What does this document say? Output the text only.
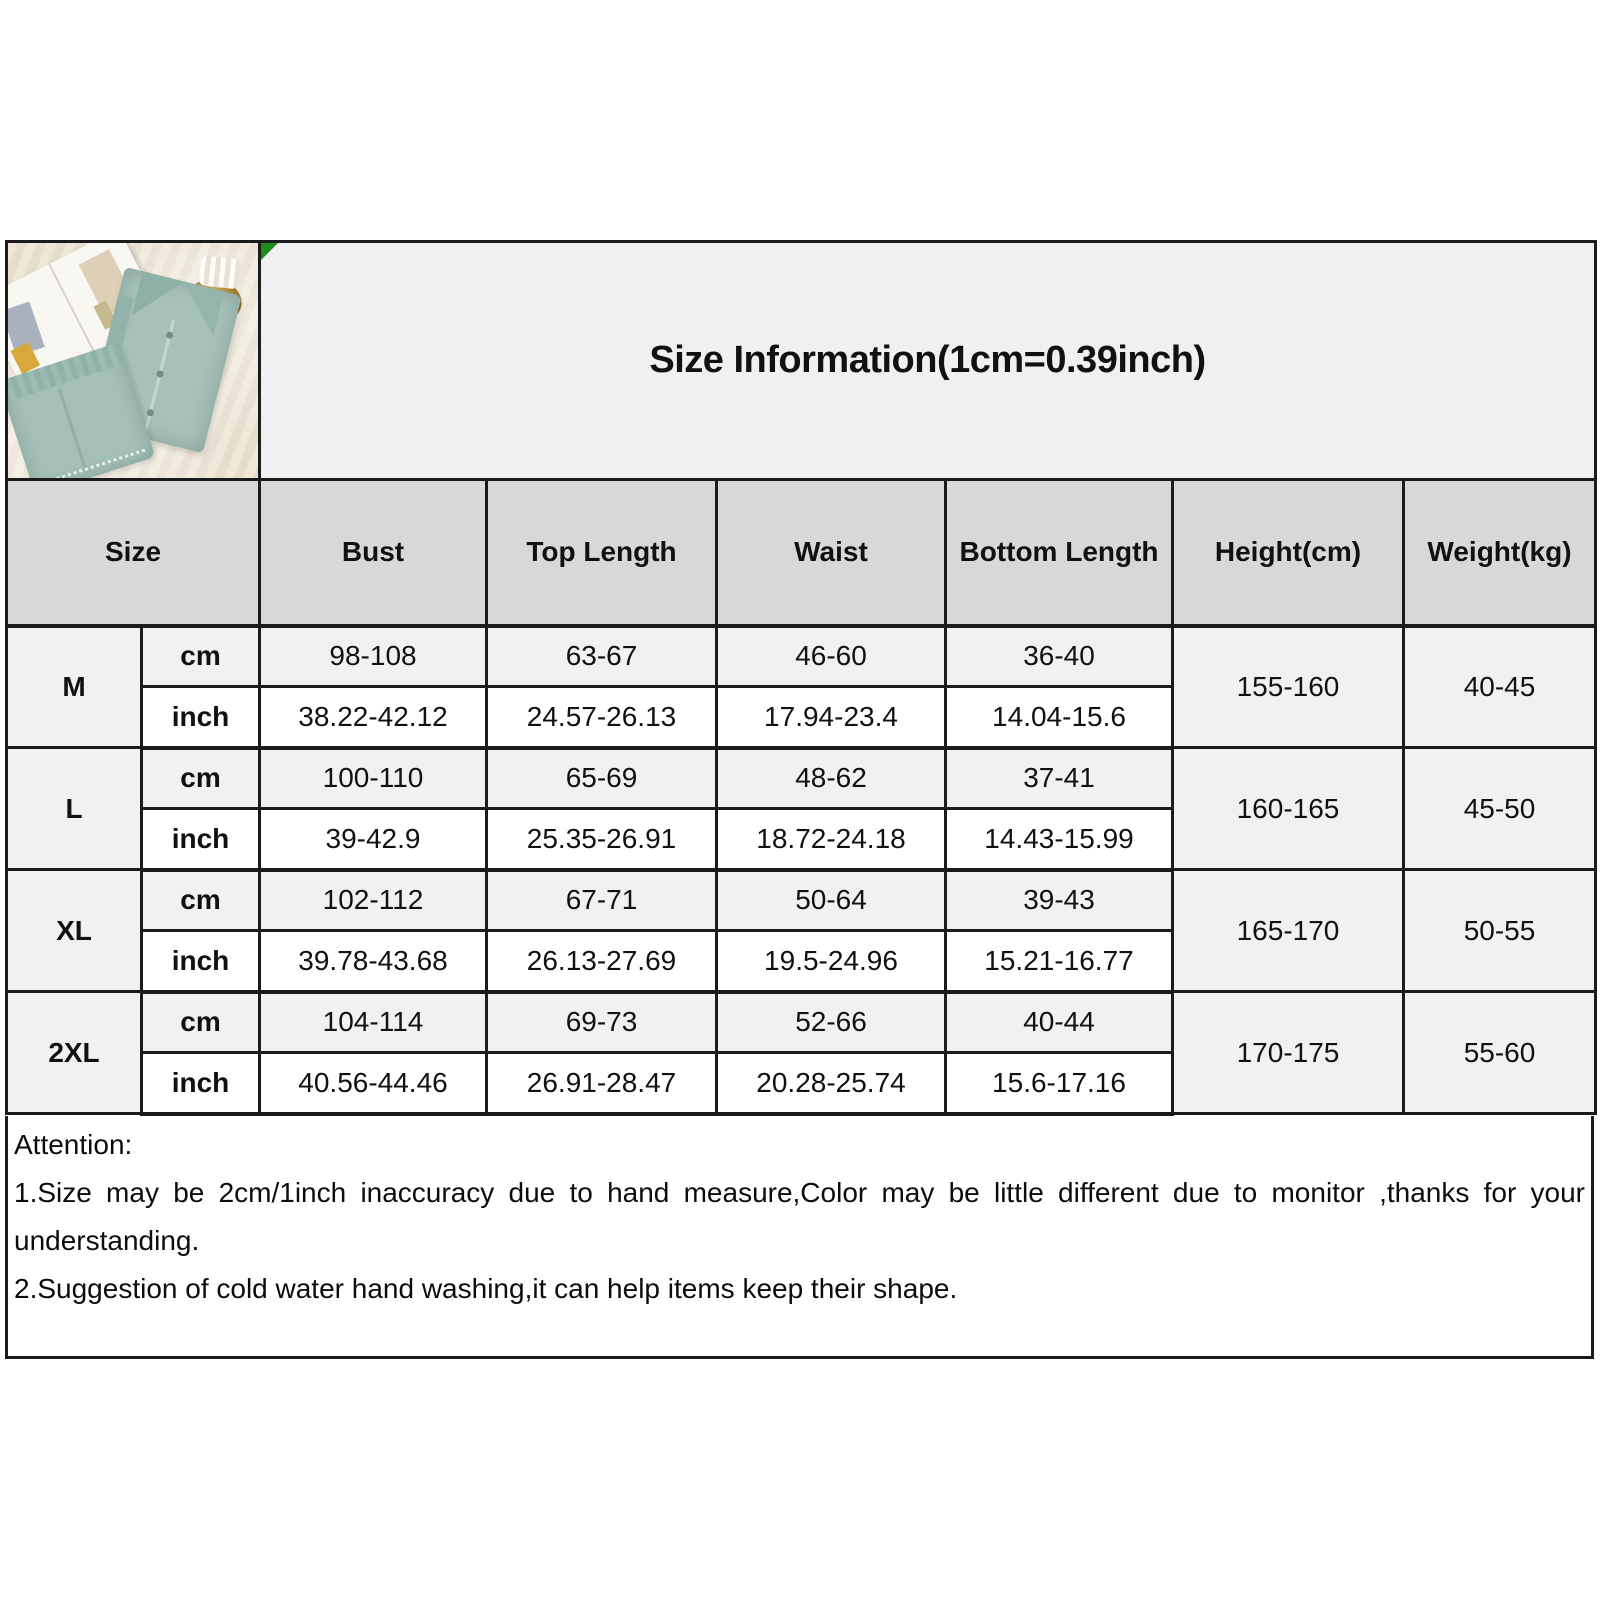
Size Information(1cm=0.39inch)					
Size		Bust	Top Length	Waist	Bottom Length	Height(cm)	Weight(kg)
M	cm	98-108	63-67	46-60	36-40	155-160	40-45
	inch	38.22-42.12	24.57-26.13	17.94-23.4	14.04-15.6		
L	cm	100-110	65-69	48-62	37-41	160-165	45-50
	inch	39-42.9	25.35-26.91	18.72-24.18	14.43-15.99		
XL	cm	102-112	67-71	50-64	39-43	165-170	50-55
	inch	39.78-43.68	26.13-27.69	19.5-24.96	15.21-16.77		
2XL	cm	104-114	69-73	52-66	40-44	170-175	55-60
	inch	40.56-44.46	26.91-28.47	20.28-25.74	15.6-17.16		

Attention:

1.Size may be 2cm/1inch inaccuracy due to hand measure,Color may be little different due to monitor ,thanks for your understanding.

2.Suggestion of cold water hand washing,it can help items keep their shape.
